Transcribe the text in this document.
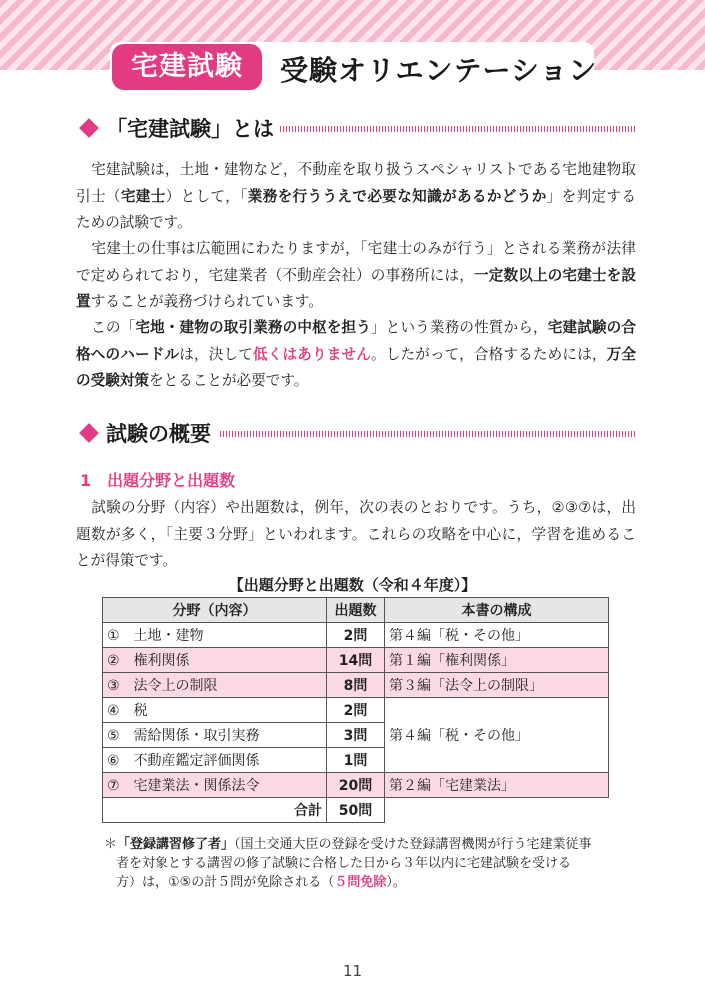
宅建試験	受験オリエンテーション
「宅建試験」とは

宅建試験は，土地・建物など，不動産を取り扱うスペシャリストである宅地建物取引士（宅建士）として，「業務を行ううえで必要な知識があるかどうか」を判定するための試験です。

宅建士の仕事は広範囲にわたりますが，「宅建士のみが行う」とされる業務が法律で定められており，宅建業者（不動産会社）の事務所には，一定数以上の宅建士を設置することが義務づけられています。

この「宅地・建物の取引業務の中枢を担う」という業務の性質から，宅建試験の合格へのハードルは，決して低くはありません。したがって，合格するためには，万全の受験対策をとることが必要です。

試験の概要
1　出題分野と出題数

試験の分野（内容）や出題数は，例年，次の表のとおりです。うち，②③⑦は，出題数が多く，「主要３分野」といわれます。これらの攻略を中心に，学習を進めることが得策です。

【出題分野と出題数（令和４年度）】
分野（内容）	出題数	本書の構成
①　土地・建物	2問	第４編「税・その他」
②　権利関係	14問	第１編「権利関係」
③　法令上の制限	8問	第３編「法令上の制限」
④　税	2問	第４編「税・その他」
⑤　需給関係・取引実務	3問	
⑥　不動産鑑定評価関係	1問	
⑦　宅建業法・関係法令	20問	第２編「宅建業法」
合計	50問	
＊「登録講習修了者」（国土交通大臣の登録を受けた登録講習機関が行う宅建業従事
者を対象とする講習の修了試験に合格した日から３年以内に宅建試験を受ける
方）は，①⑤の計５問が免除される（５問免除）。
11
